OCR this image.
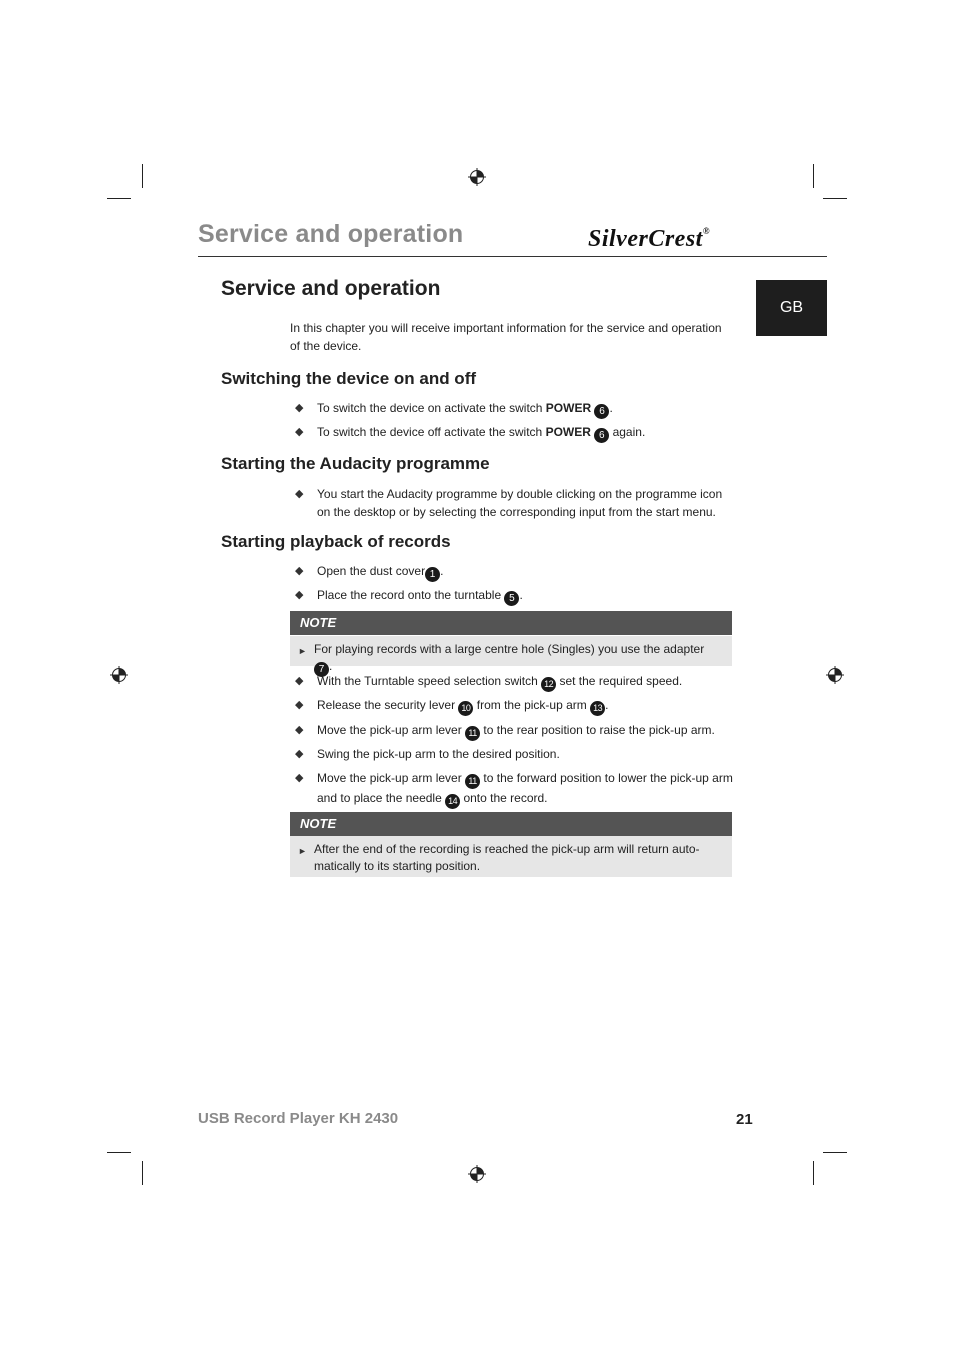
Service and operation	SilverCrest®
GB
Service and operation
In this chapter you will receive important information for the service and operation of the device.
Switching the device on and off
◆ To switch the device on activate the switch POWER 6 .
◆ To switch the device off activate the switch POWER 6 again.
Starting the Audacity programme
◆ You start the Audacity programme by double clicking on the programme icon on the desktop or by selecting the corresponding input from the start menu.
Starting playback of records
◆ Open the dust cover 1 .
◆ Place the record onto the turntable 5 .
NOTE
► For playing records with a large centre hole (Singles) you use the adapter 7 .
◆ With the Turntable speed selection switch 12 set the required speed.
◆ Release the security lever 10 from the pick-up arm 13 .
◆ Move the pick-up arm lever 11 to the rear position to raise the pick-up arm.
◆ Swing the pick-up arm to the desired position.
◆ Move the pick-up arm lever 11 to the forward position to lower the pick-up arm and to place the needle 14 onto the record.
NOTE
► After the end of the recording is reached the pick-up arm will return auto-matically to its starting position.
USB Record Player KH 2430	21
